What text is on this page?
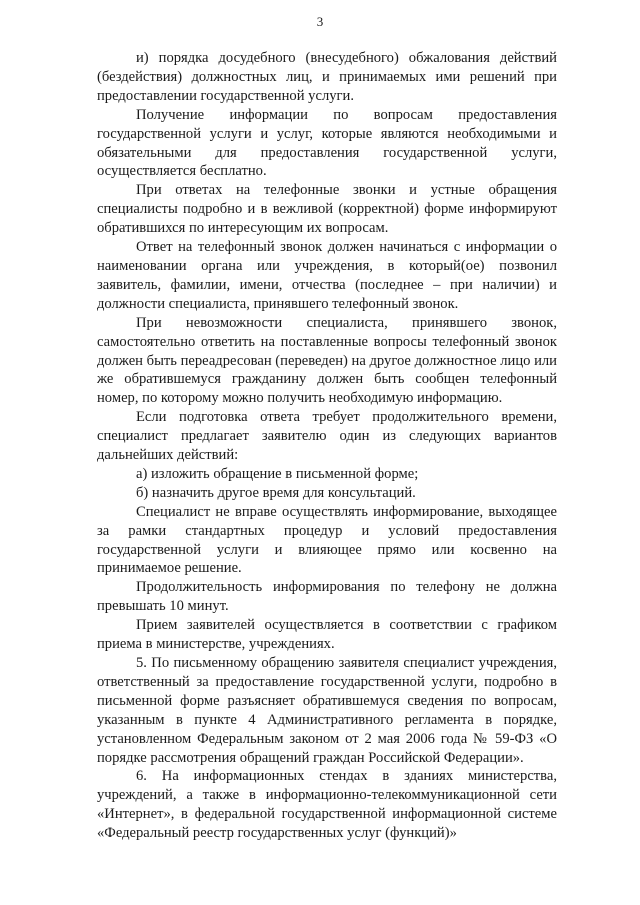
3

и) порядка досудебного (внесудебного) обжалования действий (бездействия) должностных лиц, и принимаемых ими решений при предоставлении государственной услуги.

Получение информации по вопросам предоставления государственной услуги и услуг, которые являются необходимыми и обязательными для предоставления государственной услуги, осуществляется бесплатно.

При ответах на телефонные звонки и устные обращения специалисты подробно и в вежливой (корректной) форме информируют обратившихся по интересующим их вопросам.

Ответ на телефонный звонок должен начинаться с информации о наименовании органа или учреждения, в который(ое) позвонил заявитель, фамилии, имени, отчества (последнее – при наличии) и должности специалиста, принявшего телефонный звонок.

При невозможности специалиста, принявшего звонок, самостоятельно ответить на поставленные вопросы телефонный звонок должен быть переадресован (переведен) на другое должностное лицо или же обратившемуся гражданину должен быть сообщен телефонный номер, по которому можно получить необходимую информацию.

Если подготовка ответа требует продолжительного времени, специалист предлагает заявителю один из следующих вариантов дальнейших действий:

а) изложить обращение в письменной форме;

б) назначить другое время для консультаций.

Специалист не вправе осуществлять информирование, выходящее за рамки стандартных процедур и условий предоставления государственной услуги и влияющее прямо или косвенно на принимаемое решение.

Продолжительность информирования по телефону не должна превышать 10 минут.

Прием заявителей осуществляется в соответствии с графиком приема в министерстве, учреждениях.

5. По письменному обращению заявителя специалист учреждения, ответственный за предоставление государственной услуги, подробно в письменной форме разъясняет обратившемуся сведения по вопросам, указанным в пункте 4 Административного регламента в порядке, установленном Федеральным законом от 2 мая 2006 года № 59-ФЗ «О порядке рассмотрения обращений граждан Российской Федерации».

6. На информационных стендах в зданиях министерства, учреждений, а также в информационно-телекоммуникационной сети «Интернет», в федеральной государственной информационной системе «Федеральный реестр государственных услуг (функций)»
